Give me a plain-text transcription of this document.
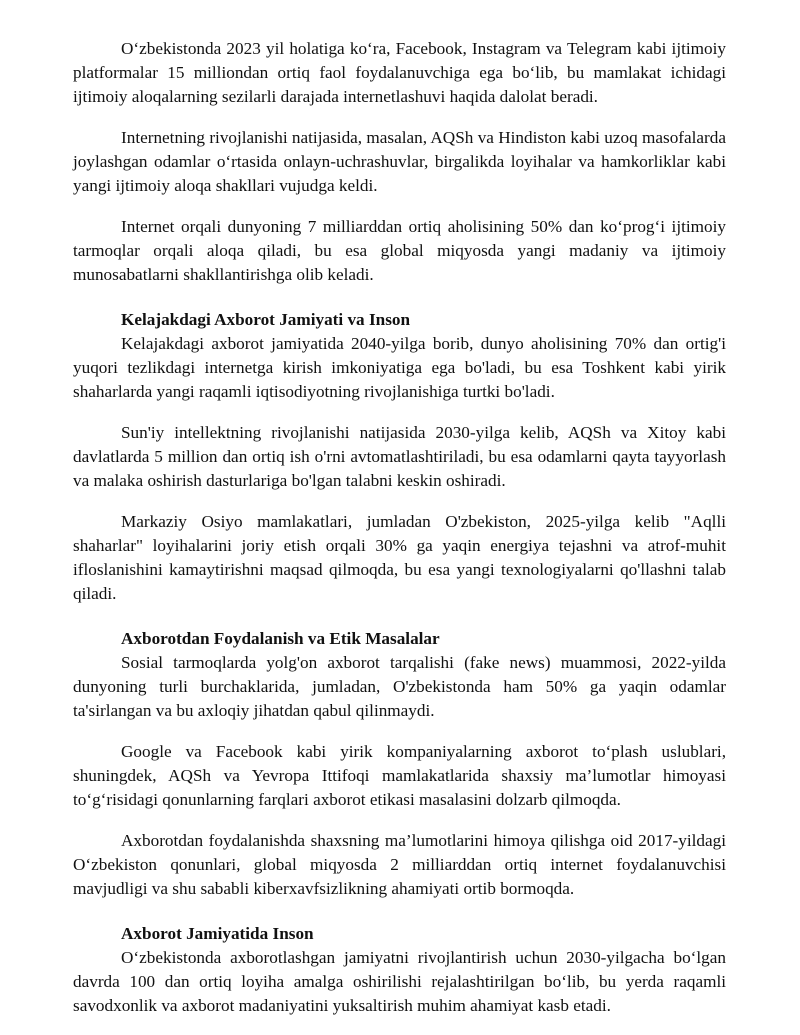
O‘zbekistonda 2023 yil holatiga ko‘ra, Facebook, Instagram va Telegram kabi ijtimoiy platformalar 15 milliondan ortiq faol foydalanuvchiga ega bo‘lib, bu mamlakat ichidagi ijtimoiy aloqalarning sezilarli darajada internetlashuvi haqida dalolat beradi.

Internetning rivojlanishi natijasida, masalan, AQSh va Hindiston kabi uzoq masofalarda joylashgan odamlar o‘rtasida onlayn-uchrashuvlar, birgalikda loyihalar va hamkorliklar kabi yangi ijtimoiy aloqa shakllari vujudga keldi.

Internet orqali dunyoning 7 milliarddan ortiq aholisining 50% dan ko‘prog‘i ijtimoiy tarmoqlar orqali aloqa qiladi, bu esa global miqyosda yangi madaniy va ijtimoiy munosabatlarni shakllantirishga olib keladi.

Kelajakdagi Axborot Jamiyati va Inson

Kelajakdagi axborot jamiyatida 2040-yilga borib, dunyo aholisining 70% dan ortig'i yuqori tezlikdagi internetga kirish imkoniyatiga ega bo'ladi, bu esa Toshkent kabi yirik shaharlarda yangi raqamli iqtisodiyotning rivojlanishiga turtki bo'ladi.

Sun'iy intellektning rivojlanishi natijasida 2030-yilga kelib, AQSh va Xitoy kabi davlatlarda 5 million dan ortiq ish o'rni avtomatlashtiriladi, bu esa odamlarni qayta tayyorlash va malaka oshirish dasturlariga bo'lgan talabni keskin oshiradi.

Markaziy Osiyo mamlakatlari, jumladan O'zbekiston, 2025-yilga kelib "Aqlli shaharlar" loyihalarini joriy etish orqali 30% ga yaqin energiya tejashni va atrof-muhit ifloslanishini kamaytirishni maqsad qilmoqda, bu esa yangi texnologiyalarni qo'llashni talab qiladi.

Axborotdan Foydalanish va Etik Masalalar

Sosial tarmoqlarda yolg'on axborot tarqalishi (fake news) muammosi, 2022-yilda dunyoning turli burchaklarida, jumladan, O'zbekistonda ham 50% ga yaqin odamlar ta'sirlangan va bu axloqiy jihatdan qabul qilinmaydi.

Google va Facebook kabi yirik kompaniyalarning axborot to‘plash uslublari, shuningdek, AQSh va Yevropa Ittifoqi mamlakatlarida shaxsiy ma’lumotlar himoyasi to‘g‘risidagi qonunlarning farqlari axborot etikasi masalasini dolzarb qilmoqda.

Axborotdan foydalanishda shaxsning ma’lumotlarini himoya qilishga oid 2017-yildagi O‘zbekiston qonunlari, global miqyosda 2 milliarddan ortiq internet foydalanuvchisi mavjudligi va shu sababli kiberxavfsizlikning ahamiyati ortib bormoqda.

Axborot Jamiyatida Inson

O‘zbekistonda axborotlashgan jamiyatni rivojlantirish uchun 2030-yilgacha bo‘lgan davrda 100 dan ortiq loyiha amalga oshirilishi rejalashtirilgan bo‘lib, bu yerda raqamli savodxonlik va axborot madaniyatini yuksaltirish muhim ahamiyat kasb etadi.
